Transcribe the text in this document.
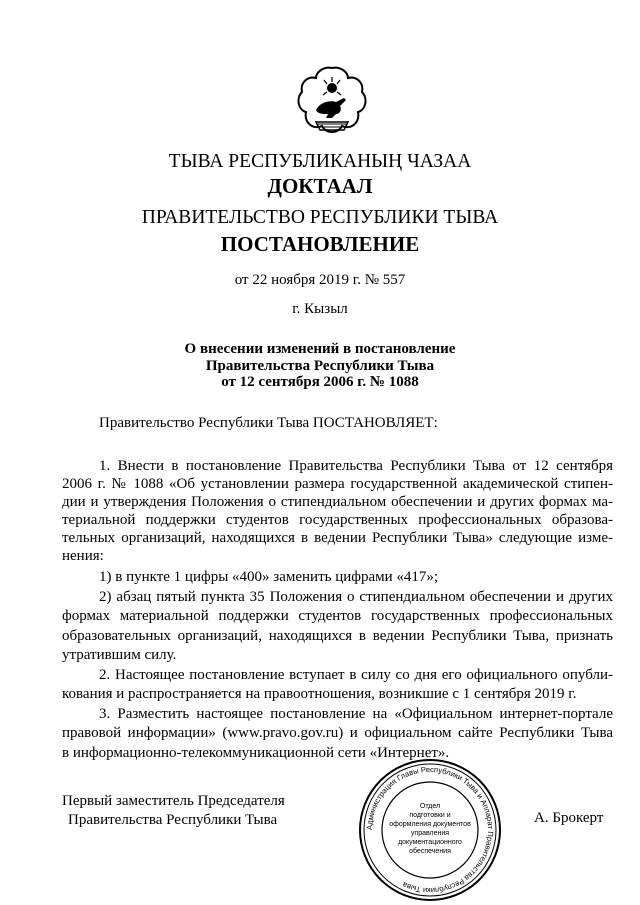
ТЫВА РЕСПУБЛИКАНЫҢ ЧАЗАА
ДОКТААЛ
ПРАВИТЕЛЬСТВО РЕСПУБЛИКИ ТЫВА
ПОСТАНОВЛЕНИЕ
от 22 ноября 2019 г. № 557
г. Кызыл
О внесении изменений в постановление
Правительства Республики Тыва
от 12 сентября 2006 г. № 1088
Правительство Республики Тыва ПОСТАНОВЛЯЕТ:
1. Внести в постановление Правительства Республики Тыва от 12 сентября
2006 г. № 1088 «Об установлении размера государственной академической стипен-
дии и утверждения Положения о стипендиальном обеспечении и других формах ма-
териальной поддержки студентов государственных профессиональных образова-
тельных организаций, находящихся в ведении Республики Тыва» следующие изме-
нения:
1) в пункте 1 цифры «400» заменить цифрами «417»;
2) абзац пятый пункта 35 Положения о стипендиальном обеспечении и других
формах материальной поддержки студентов государственных профессиональных
образовательных организаций, находящихся в ведении Республики Тыва, признать
утратившим силу.
2. Настоящее постановление вступает в силу со дня его официального опубли-
кования и распространяется на правоотношения, возникшие с 1 сентября 2019 г.
3. Разместить настоящее постановление на «Официальном интернет-портале
правовой информации» (www.pravo.gov.ru) и официальном сайте Республики Тыва
в информационно-телекоммуникационной сети «Интернет».
Первый заместитель Председателя
Правительства Республики Тыва	А. Брокерт
Администрация Главы Республики Тыва и Аппарат Правительства Республики Тыва
Отдел
подготовки и
оформления документов
управления
документационного
обеспечения
